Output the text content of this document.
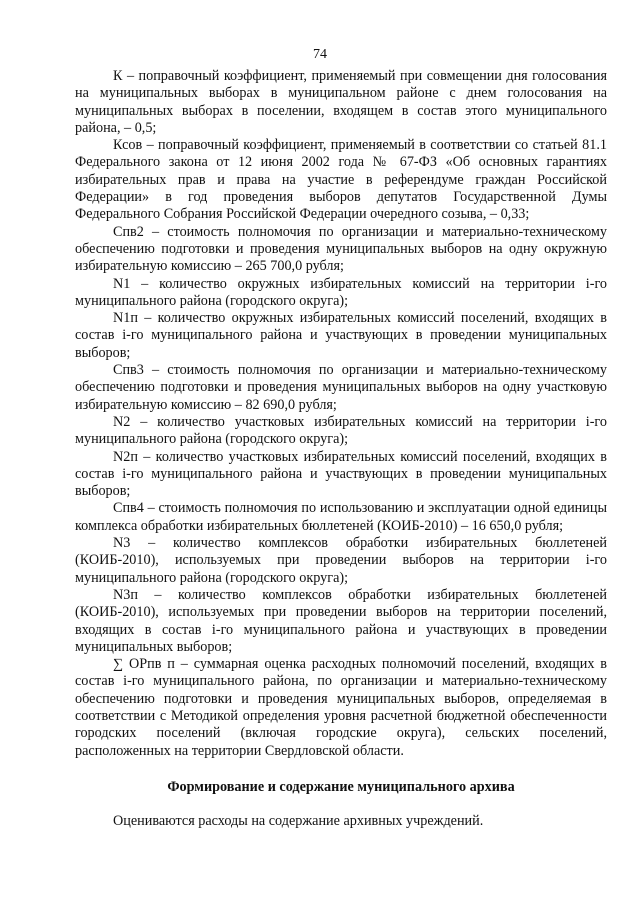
74

К – поправочный коэффициент, применяемый при совмещении дня голосования на муниципальных выборах в муниципальном районе с днем голосования на муниципальных выборах в поселении, входящем в состав этого муниципального района, – 0,5;

Ксов – поправочный коэффициент, применяемый в соответствии со статьей 81.1 Федерального закона от 12 июня 2002 года № 67-ФЗ «Об основных гарантиях избирательных прав и права на участие в референдуме граждан Российской Федерации» в год проведения выборов депутатов Государственной Думы Федерального Собрания Российской Федерации очередного созыва, – 0,33;

Спв2 – стоимость полномочия по организации и материально-техническому обеспечению подготовки и проведения муниципальных выборов на одну окружную избирательную комиссию – 265 700,0 рубля;

N1 – количество окружных избирательных комиссий на территории i-го муниципального района (городского округа);

N1п – количество окружных избирательных комиссий поселений, входящих в состав i-го муниципального района и участвующих в проведении муниципальных выборов;

Спв3 – стоимость полномочия по организации и материально-техническому обеспечению подготовки и проведения муниципальных выборов на одну участковую избирательную комиссию – 82 690,0 рубля;

N2 – количество участковых избирательных комиссий на территории i-го муниципального района (городского округа);

N2п – количество участковых избирательных комиссий поселений, входящих в состав i-го муниципального района и участвующих в проведении муниципальных выборов;

Спв4 – стоимость полномочия по использованию и эксплуатации одной единицы комплекса обработки избирательных бюллетеней (КОИБ-2010) – 16 650,0 рубля;

N3 – количество комплексов обработки избирательных бюллетеней (КОИБ-2010), используемых при проведении выборов на территории i-го муниципального района (городского округа);

N3п – количество комплексов обработки избирательных бюллетеней (КОИБ-2010), используемых при проведении выборов на территории поселений, входящих в состав i-го муниципального района и участвующих в проведении муниципальных выборов;

∑ ОРпв п – суммарная оценка расходных полномочий поселений, входящих в состав i-го муниципального района, по организации и материально-техническому обеспечению подготовки и проведения муниципальных выборов, определяемая в соответствии с Методикой определения уровня расчетной бюджетной обеспеченности городских поселений (включая городские округа), сельских поселений, расположенных на территории Свердловской области.

Формирование и содержание муниципального архива

Оцениваются расходы на содержание архивных учреждений.
